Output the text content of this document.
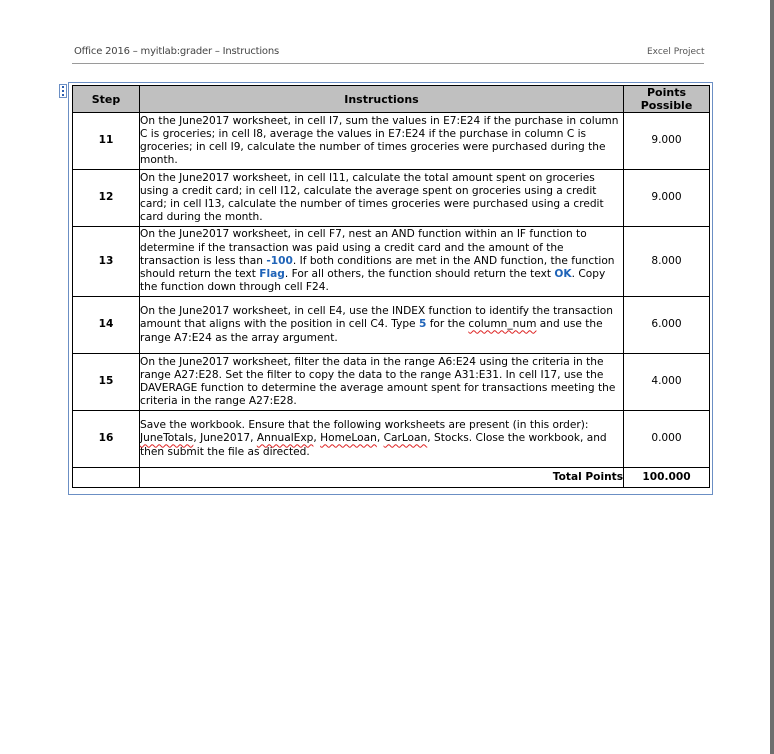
Office 2016 – myitlab:grader – Instructions	Excel Project
Step	Instructions	Points Possible
11	On the June2017 worksheet, in cell I7, sum the values in E7:E24 if the purchase in column C is groceries; in cell I8, average the values in E7:E24 if the purchase in column C is groceries; in cell I9, calculate the number of times groceries were purchased during the month.	9.000
12	On the June2017 worksheet, in cell I11, calculate the total amount spent on groceries using a credit card; in cell I12, calculate the average spent on groceries using a credit card; in cell I13, calculate the number of times groceries were purchased using a credit card during the month.	9.000
13	On the June2017 worksheet, in cell F7, nest an AND function within an IF function to determine if the transaction was paid using a credit card and the amount of the transaction is less than -100. If both conditions are met in the AND function, the function should return the text Flag. For all others, the function should return the text OK. Copy the function down through cell F24.	8.000
14	On the June2017 worksheet, in cell E4, use the INDEX function to identify the transaction amount that aligns with the position in cell C4. Type 5 for the column_num and use the range A7:E24 as the array argument.	6.000
15	On the June2017 worksheet, filter the data in the range A6:E24 using the criteria in the range A27:E28. Set the filter to copy the data to the range A31:E31. In cell I17, use the DAVERAGE function to determine the average amount spent for transactions meeting the criteria in the range A27:E28.	4.000
16	Save the workbook. Ensure that the following worksheets are present (in this order): JuneTotals, June2017, AnnualExp, HomeLoan, CarLoan, Stocks. Close the workbook, and then submit the file as directed.	0.000
	Total Points	100.000
